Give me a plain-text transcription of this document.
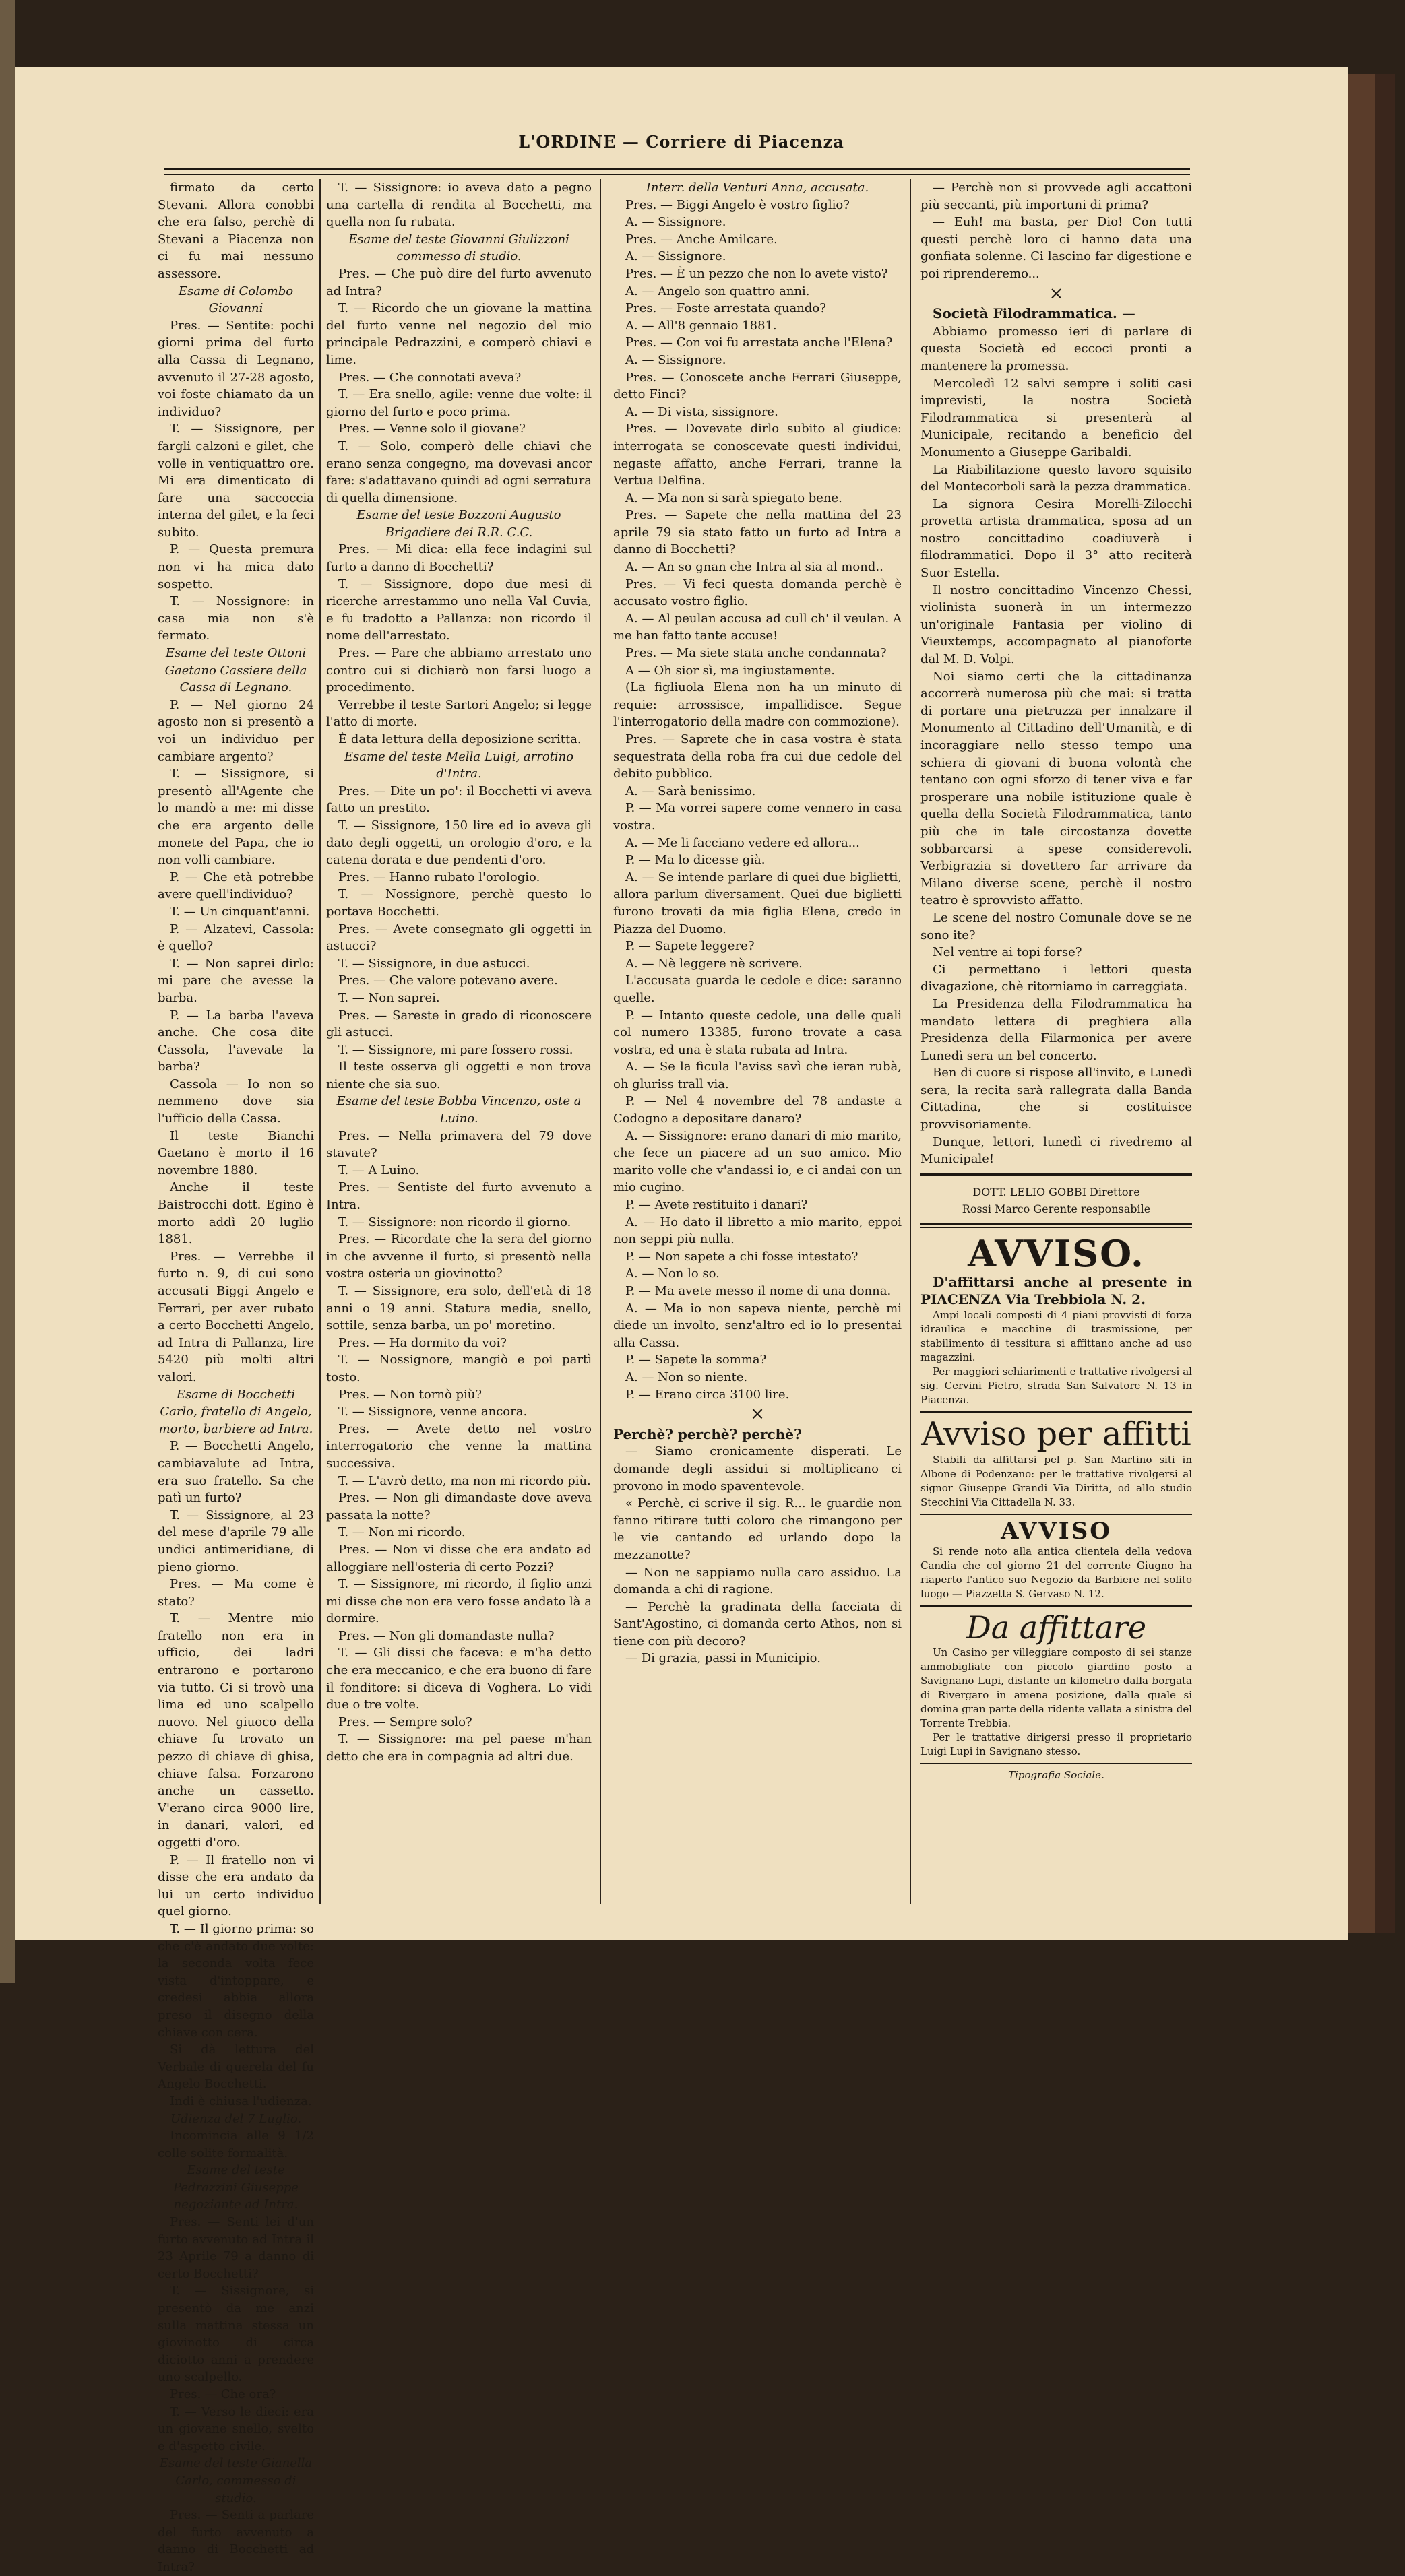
L'ORDINE — Corriere di Piacenza

firmato da certo Stevani. Allora conobbi che era falso, perchè di Stevani a Piacenza non ci fu mai nessuno assessore.

Esame di Colombo Giovanni

Pres. — Sentite: pochi giorni prima del furto alla Cassa di Legnano, avvenuto il 27-28 agosto, voi foste chiamato da un individuo?

T. — Sissignore, per fargli calzoni e gilet, che volle in ventiquattro ore. Mi era dimenticato di fare una saccoccia interna del gilet, e la feci subito.

P. — Questa premura non vi ha mica dato sospetto.

T. — Nossignore: in casa mia non s'è fermato.

Esame del teste Ottoni Gaetano Cassiere della Cassa di Legnano.

P. — Nel giorno 24 agosto non si presentò a voi un individuo per cambiare argento?

T. — Sissignore, si presentò all'Agente che lo mandò a me: mi disse che era argento delle monete del Papa, che io non volli cambiare.

P. — Che età potrebbe avere quell'individuo?

T. — Un cinquant'anni.

P. — Alzatevi, Cassola: è quello?

T. — Non saprei dirlo: mi pare che avesse la barba.

P. — La barba l'aveva anche. Che cosa dite Cassola, l'avevate la barba?

Cassola — Io non so nemmeno dove sia l'ufficio della Cassa.

Il teste Bianchi Gaetano è morto il 16 novembre 1880.

Anche il teste Baistrocchi dott. Egino è morto addì 20 luglio 1881.

Pres. — Verrebbe il furto n. 9, di cui sono accusati Biggi Angelo e Ferrari, per aver rubato a certo Bocchetti Angelo, ad Intra di Pallanza, lire 5420 più molti altri valori.

Esame di Bocchetti Carlo, fratello di Angelo, morto, barbiere ad Intra.

P. — Bocchetti Angelo, cambiavalute ad Intra, era suo fratello. Sa che patì un furto?

T. — Sissignore, al 23 del mese d'aprile 79 alle undici antimeridiane, di pieno giorno.

Pres. — Ma come è stato?

T. — Mentre mio fratello non era in ufficio, dei ladri entrarono e portarono via tutto. Ci si trovò una lima ed uno scalpello nuovo. Nel giuoco della chiave fu trovato un pezzo di chiave di ghisa, chiave falsa. Forzarono anche un cassetto. V'erano circa 9000 lire, in danari, valori, ed oggetti d'oro.

P. — Il fratello non vi disse che era andato da lui un certo individuo quel giorno.

T. — Il giorno prima: so che c'è andato due volte: la seconda volta fece vista d'intoppare, e credesi abbia allora preso il disegno della chiave con cera.

Si dà lettura del Verbale di querela del fu Angelo Bocchetti.

Indi è chiusa l'udienza.

Udienza del 7 Luglio.

Incomincia alle 9 1/2 colle solite formalità.

Esame del teste Pedrazzini Giuseppe negoziante ad Intra.

Pres. — Senti lei d'un furto avvenuto ad Intra il 23 Aprile 79 a danno di certo Bocchetti?

T. — Sissignore, si presentò da me anzi sulla mattina stessa un giovinotto di circa diciotto anni a prendere uno scalpello.

Pres. — Che ora?

T. — Verso le dieci: era un giovane snello, svelto e d'aspetto civile.

Esame del teste Gianella Carlo, commesso di studio.

Pres. — Senti a parlare del furto avvenuto a danno di Bocchetti ad Intra?

T. — Sissignore: io aveva dato a pegno una cartella di rendita al Bocchetti, ma quella non fu rubata.

Esame del teste Giovanni Giulizzoni commesso di studio.

Pres. — Che può dire del furto avvenuto ad Intra?

T. — Ricordo che un giovane la mattina del furto venne nel negozio del mio principale Pedrazzini, e comperò chiavi e lime.

Pres. — Che connotati aveva?

T. — Era snello, agile: venne due volte: il giorno del furto e poco prima.

Pres. — Venne solo il giovane?

T. — Solo, comperò delle chiavi che erano senza congegno, ma dovevasi ancor fare: s'adattavano quindi ad ogni serratura di quella dimensione.

Esame del teste Bozzoni Augusto Brigadiere dei R.R. C.C.

Pres. — Mi dica: ella fece indagini sul furto a danno di Bocchetti?

T. — Sissignore, dopo due mesi di ricerche arrestammo uno nella Val Cuvia, e fu tradotto a Pallanza: non ricordo il nome dell'arrestato.

Pres. — Pare che abbiamo arrestato uno contro cui si dichiarò non farsi luogo a procedimento.

Verrebbe il teste Sartori Angelo; si legge l'atto di morte.

È data lettura della deposizione scritta.

Esame del teste Mella Luigi, arrotino d'Intra.

Pres. — Dite un po': il Bocchetti vi aveva fatto un prestito.

T. — Sissignore, 150 lire ed io aveva gli dato degli oggetti, un orologio d'oro, e la catena dorata e due pendenti d'oro.

Pres. — Hanno rubato l'orologio.

T. — Nossignore, perchè questo lo portava Bocchetti.

Pres. — Avete consegnato gli oggetti in astucci?

T. — Sissignore, in due astucci.

Pres. — Che valore potevano avere.

T. — Non saprei.

Pres. — Sareste in grado di riconoscere gli astucci.

T. — Sissignore, mi pare fossero rossi.

Il teste osserva gli oggetti e non trova niente che sia suo.

Esame del teste Bobba Vincenzo, oste a Luino.

Pres. — Nella primavera del 79 dove stavate?

T. — A Luino.

Pres. — Sentiste del furto avvenuto a Intra.

T. — Sissignore: non ricordo il giorno.

Pres. — Ricordate che la sera del giorno in che avvenne il furto, si presentò nella vostra osteria un giovinotto?

T. — Sissignore, era solo, dell'età di 18 anni o 19 anni. Statura media, snello, sottile, senza barba, un po' moretino.

Pres. — Ha dormito da voi?

T. — Nossignore, mangiò e poi partì tosto.

Pres. — Non tornò più?

T. — Sissignore, venne ancora.

Pres. — Avete detto nel vostro interrogatorio che venne la mattina successiva.

T. — L'avrò detto, ma non mi ricordo più.

Pres. — Non gli dimandaste dove aveva passata la notte?

T. — Non mi ricordo.

Pres. — Non vi disse che era andato ad alloggiare nell'osteria di certo Pozzi?

T. — Sissignore, mi ricordo, il figlio anzi mi disse che non era vero fosse andato là a dormire.

Pres. — Non gli domandaste nulla?

T. — Gli dissi che faceva: e m'ha detto che era meccanico, e che era buono di fare il fonditore: si diceva di Voghera. Lo vidi due o tre volte.

Pres. — Sempre solo?

T. — Sissignore: ma pel paese m'han detto che era in compagnia ad altri due.

Interr. della Venturi Anna, accusata.

Pres. — Biggi Angelo è vostro figlio?

A. — Sissignore.

Pres. — Anche Amilcare.

A. — Sissignore.

Pres. — È un pezzo che non lo avete visto?

A. — Angelo son quattro anni.

Pres. — Foste arrestata quando?

A. — All'8 gennaio 1881.

Pres. — Con voi fu arrestata anche l'Elena?

A. — Sissignore.

Pres. — Conoscete anche Ferrari Giuseppe, detto Finci?

A. — Di vista, sissignore.

Pres. — Dovevate dirlo subito al giudice: interrogata se conoscevate questi individui, negaste affatto, anche Ferrari, tranne la Vertua Delfina.

A. — Ma non si sarà spiegato bene.

Pres. — Sapete che nella mattina del 23 aprile 79 sia stato fatto un furto ad Intra a danno di Bocchetti?

A. — An so gnan che Intra al sia al mond..

Pres. — Vi feci questa domanda perchè è accusato vostro figlio.

A. — Al peulan accusa ad cull ch' il veulan. A me han fatto tante accuse!

Pres. — Ma siete stata anche condannata?

A — Oh sior sì, ma ingiustamente.

(La figliuola Elena non ha un minuto di requie: arrossisce, impallidisce. Segue l'interrogatorio della madre con commozione).

Pres. — Saprete che in casa vostra è stata sequestrata della roba fra cui due cedole del debito pubblico.

A. — Sarà benissimo.

P. — Ma vorrei sapere come vennero in casa vostra.

A. — Me li facciano vedere ed allora...

P. — Ma lo dicesse già.

A. — Se intende parlare di quei due biglietti, allora parlum diversament. Quei due biglietti furono trovati da mia figlia Elena, credo in Piazza del Duomo.

P. — Sapete leggere?

A. — Nè leggere nè scrivere.

L'accusata guarda le cedole e dice: saranno quelle.

P. — Intanto queste cedole, una delle quali col numero 13385, furono trovate a casa vostra, ed una è stata rubata ad Intra.

A. — Se la ficula l'aviss savì che ieran rubà, oh gluriss trall via.

P. — Nel 4 novembre del 78 andaste a Codogno a depositare danaro?

A. — Sissignore: erano danari di mio marito, che fece un piacere ad un suo amico. Mio marito volle che v'andassi io, e ci andai con un mio cugino.

P. — Avete restituito i danari?

A. — Ho dato il libretto a mio marito, eppoi non seppi più nulla.

P. — Non sapete a chi fosse intestato?

A. — Non lo so.

P. — Ma avete messo il nome di una donna.

A. — Ma io non sapeva niente, perchè mi diede un involto, senz'altro ed io lo presentai alla Cassa.

P. — Sapete la somma?

A. — Non so niente.

P. — Erano circa 3100 lire.

×

Perchè? perchè? perchè?

— Siamo cronicamente disperati. Le domande degli assidui si moltiplicano ci provono in modo spaventevole.

« Perchè, ci scrive il sig. R... le guardie non fanno ritirare tutti coloro che rimangono per le vie cantando ed urlando dopo la mezzanotte?

— Non ne sappiamo nulla caro assiduo. La domanda a chi di ragione.

— Perchè la gradinata della facciata di Sant'Agostino, ci domanda certo Athos, non si tiene con più decoro?

— Di grazia, passi in Municipio.

— Perchè non si provvede agli accattoni più seccanti, più importuni di prima?

— Euh! ma basta, per Dio! Con tutti questi perchè loro ci hanno data una gonfiata solenne. Ci lascino far digestione e poi riprenderemo...

×

Società Filodrammatica. —

Abbiamo promesso ieri di parlare di questa Società ed eccoci pronti a mantenere la promessa.

Mercoledì 12 salvi sempre i soliti casi imprevisti, la nostra Società Filodrammatica si presenterà al Municipale, recitando a beneficio del Monumento a Giuseppe Garibaldi.

La Riabilitazione questo lavoro squisito del Montecorboli sarà la pezza drammatica.

La signora Cesira Morelli-Zilocchi provetta artista drammatica, sposa ad un nostro concittadino coadiuverà i filodrammatici. Dopo il 3° atto reciterà Suor Estella.

Il nostro concittadino Vincenzo Chessi, violinista suonerà in un intermezzo un'originale Fantasia per violino di Vieuxtemps, accompagnato al pianoforte dal M. D. Volpi.

Noi siamo certi che la cittadinanza accorrerà numerosa più che mai: si tratta di portare una pietruzza per innalzare il Monumento al Cittadino dell'Umanità, e di incoraggiare nello stesso tempo una schiera di giovani di buona volontà che tentano con ogni sforzo di tener viva e far prosperare una nobile istituzione quale è quella della Società Filodrammatica, tanto più che in tale circostanza dovette sobbarcarsi a spese considerevoli. Verbigrazia si dovettero far arrivare da Milano diverse scene, perchè il nostro teatro è sprovvisto affatto.

Le scene del nostro Comunale dove se ne sono ite?

Nel ventre ai topi forse?

Ci permettano i lettori questa divagazione, chè ritorniamo in carreggiata.

La Presidenza della Filodrammatica ha mandato lettera di preghiera alla Presidenza della Filarmonica per avere Lunedì sera un bel concerto.

Ben di cuore si rispose all'invito, e Lunedì sera, la recita sarà rallegrata dalla Banda Cittadina, che si costituisce provvisoriamente.

Dunque, lettori, lunedì ci rivedremo al Municipale!

DOTT. LELIO GOBBI Direttore

Rossi Marco Gerente responsabile

AVVISO.

D'affittarsi anche al presente in PIACENZA Via Trebbiola N. 2.

Ampi locali composti di 4 piani provvisti di forza idraulica e macchine di trasmissione, per stabilimento di tessitura si affittano anche ad uso magazzini.

Per maggiori schiarimenti e trattative rivolgersi al sig. Cervini Pietro, strada San Salvatore N. 13 in Piacenza.

Avviso per affitti

Stabili da affittarsi pel p. San Martino siti in Albone di Podenzano: per le trattative rivolgersi al signor Giuseppe Grandi Via Diritta, od allo studio Stecchini Via Cittadella N. 33.

AVVISO

Si rende noto alla antica clientela della vedova Candia che col giorno 21 del corrente Giugno ha riaperto l'antico suo Negozio da Barbiere nel solito luogo — Piazzetta S. Gervaso N. 12.

Da affittare

Un Casino per villeggiare composto di sei stanze ammobigliate con piccolo giardino posto a Savignano Lupi, distante un kilometro dalla borgata di Rivergaro in amena posizione, dalla quale si domina gran parte della ridente vallata a sinistra del Torrente Trebbia.

Per le trattative dirigersi presso il proprietario Luigi Lupi in Savignano stesso.

Tipografia Sociale.
